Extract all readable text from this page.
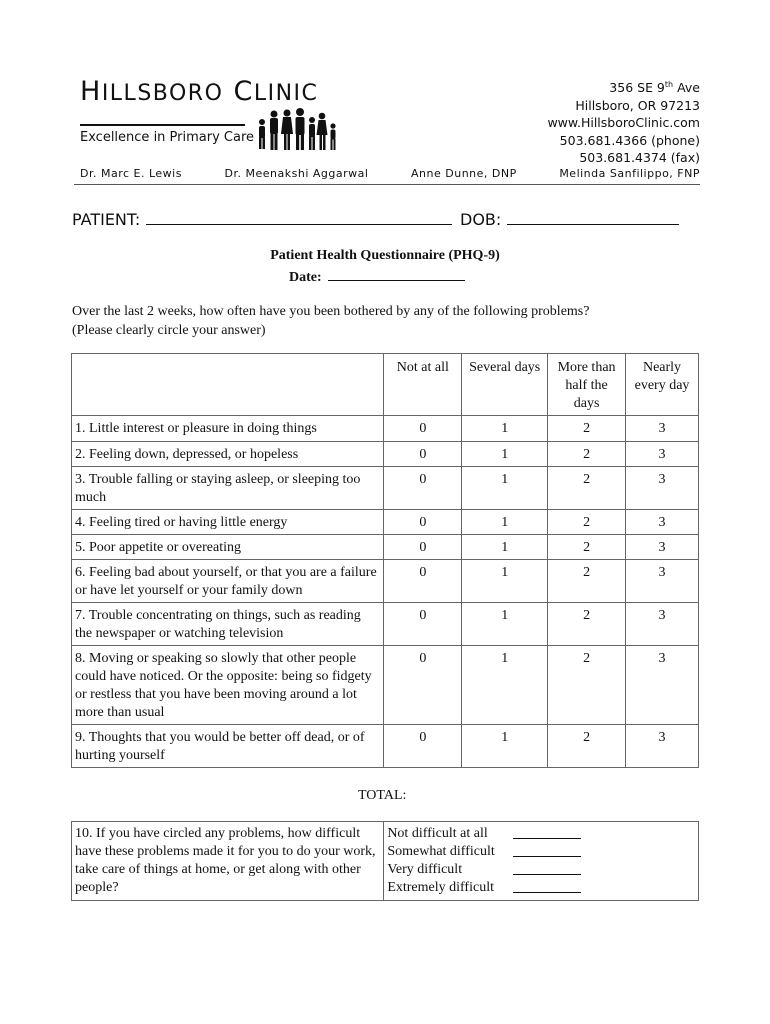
HILLSBORO CLINIC
Excellence in Primary Care
356 SE 9th Ave
Hillsboro, OR 97213
www.HillsboroClinic.com
503.681.4366 (phone)
503.681.4374 (fax)
Dr. Marc E. Lewis	Dr. Meenakshi Aggarwal	Anne Dunne, DNP	Melinda Sanfilippo, FNP
PATIENT:	DOB:
Patient Health Questionnaire (PHQ-9)
Date:
Over the last 2 weeks, how often have you been bothered by any of the following problems?
(Please clearly circle your answer)
	Not at all	Several days	More than half the days	Nearly every day
1. Little interest or pleasure in doing things	0	1	2	3
2. Feeling down, depressed, or hopeless	0	1	2	3
3. Trouble falling or staying asleep, or sleeping too much	0	1	2	3
4. Feeling tired or having little energy	0	1	2	3
5. Poor appetite or overeating	0	1	2	3
6. Feeling bad about yourself, or that you are a failure or have let yourself or your family down	0	1	2	3
7. Trouble concentrating on things, such as reading the newspaper or watching television	0	1	2	3
8. Moving or speaking so slowly that other people could have noticed. Or the opposite: being so fidgety or restless that you have been moving around a lot more than usual	0	1	2	3
9. Thoughts that you would be better off dead, or of hurting yourself	0	1	2	3
TOTAL:
10. If you have circled any problems, how difficult have these problems made it for you to do your work, take care of things at home, or get along with other people?	
Not difficult at all
Somewhat difficult
Very difficult
Extremely difficult
